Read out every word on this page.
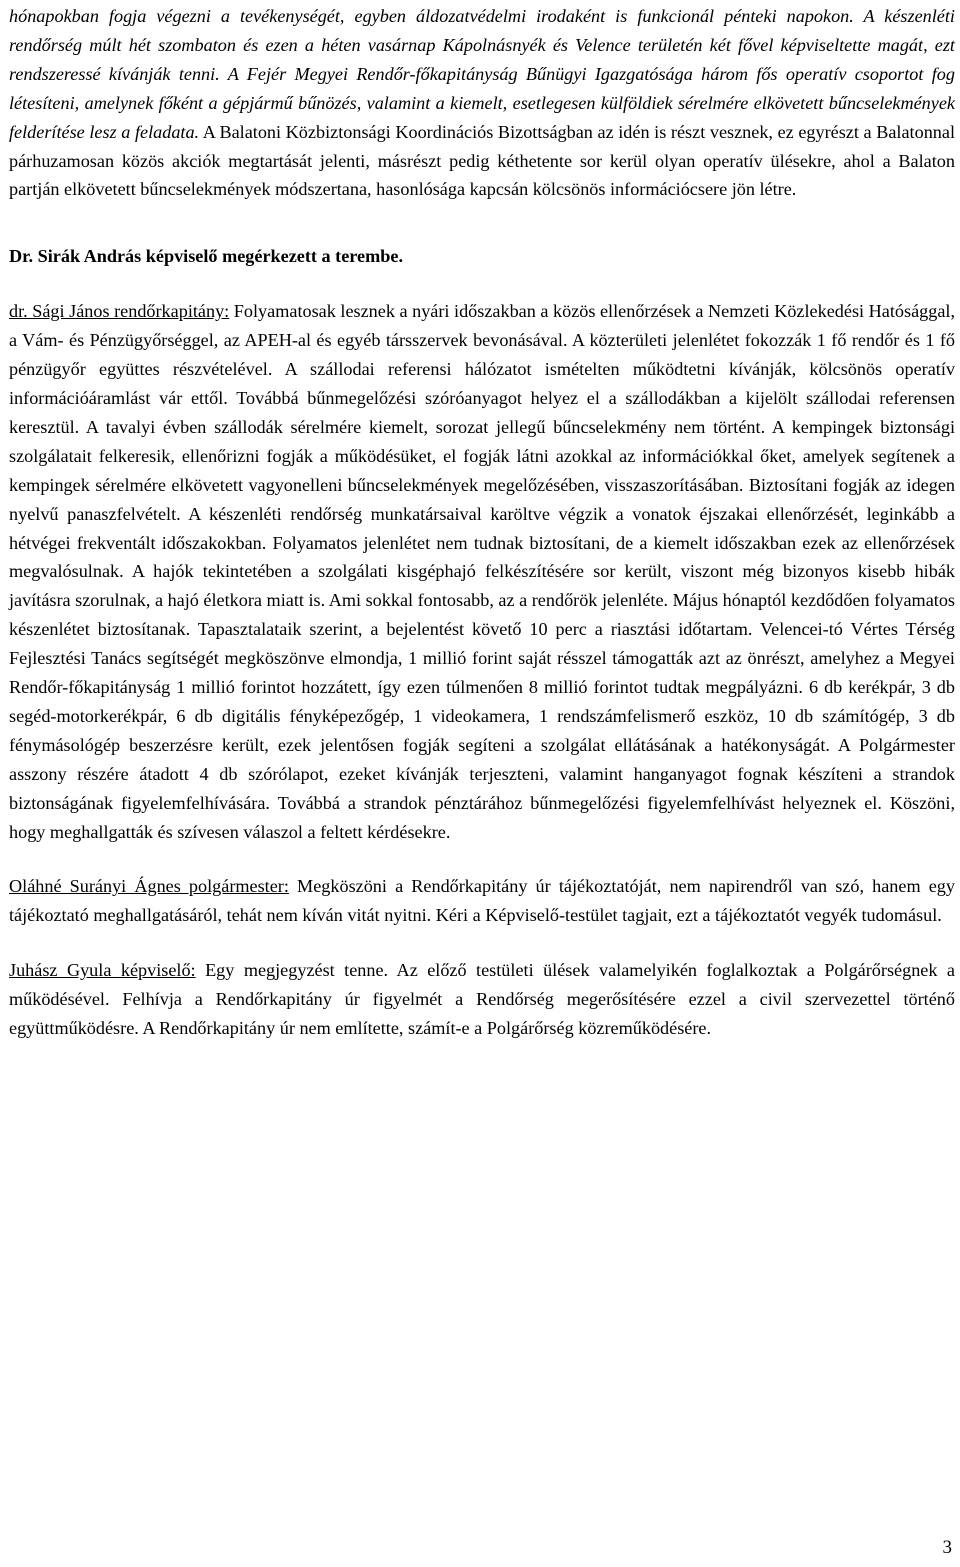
hónapokban fogja végezni a tevékenységét, egyben áldozatvédelmi irodaként is funkcionál pénteki napokon. A készenléti rendőrség múlt hét szombaton és ezen a héten vasárnap Kápolnásnyék és Velence területén két fővel képviseltette magát, ezt rendszeressé kívánják tenni. A Fejér Megyei Rendőr-főkapitányság Bűnügyi Igazgatósága három fős operatív csoportot fog létesíteni, amelynek főként a gépjármű bűnözés, valamint a kiemelt, esetlegesen külföldiek sérelmére elkövetett bűncselekmények felderítése lesz a feladata. A Balatoni Közbiztonsági Koordinációs Bizottságban az idén is részt vesznek, ez egyrészt a Balatonnal párhuzamosan közös akciók megtartását jelenti, másrészt pedig kéthetente sor kerül olyan operatív ülésekre, ahol a Balaton partján elkövetett bűncselekmények módszertana, hasonlósága kapcsán kölcsönös információcsere jön létre.

Dr. Sirák András képviselő megérkezett a terembe.

dr. Sági János rendőrkapitány: Folyamatosak lesznek a nyári időszakban a közös ellenőrzések a Nemzeti Közlekedési Hatósággal, a Vám- és Pénzügyőrséggel, az APEH-al és egyéb társszervek bevonásával. A közterületi jelenlétet fokozzák 1 fő rendőr és 1 fő pénzügyőr együttes részvételével. A szállodai referensi hálózatot ismételten működtetni kívánják, kölcsönös operatív információáramlást vár ettől. Továbbá bűnmegelőzési szóróanyagot helyez el a szállodákban a kijelölt szállodai referensen keresztül. A tavalyi évben szállodák sérelmére kiemelt, sorozat jellegű bűncselekmény nem történt. A kempingek biztonsági szolgálatait felkeresik, ellenőrizni fogják a működésüket, el fogják látni azokkal az információkkal őket, amelyek segítenek a kempingek sérelmére elkövetett vagyonelleni bűncselekmények megelőzésében, visszaszorításában. Biztosítani fogják az idegen nyelvű panaszfelvételt. A készenléti rendőrség munkatársaival karöltve végzik a vonatok éjszakai ellenőrzését, leginkább a hétvégei frekventált időszakokban. Folyamatos jelenlétet nem tudnak biztosítani, de a kiemelt időszakban ezek az ellenőrzések megvalósulnak. A hajók tekintetében a szolgálati kisgéphajó felkészítésére sor került, viszont még bizonyos kisebb hibák javításra szorulnak, a hajó életkora miatt is. Ami sokkal fontosabb, az a rendőrök jelenléte. Május hónaptól kezdődően folyamatos készenlétet biztosítanak. Tapasztalataik szerint, a bejelentést követő 10 perc a riasztási időtartam. Velencei-tó Vértes Térség Fejlesztési Tanács segítségét megköszönve elmondja, 1 millió forint saját résszel támogatták azt az önrészt, amelyhez a Megyei Rendőr-főkapitányság 1 millió forintot hozzátett, így ezen túlmenően 8 millió forintot tudtak megpályázni. 6 db kerékpár, 3 db segéd-motorkerékpár, 6 db digitális fényképezőgép, 1 videokamera, 1 rendszámfelismerő eszköz, 10 db számítógép, 3 db fénymásológép beszerzésre került, ezek jelentősen fogják segíteni a szolgálat ellátásának a hatékonyságát. A Polgármester asszony részére átadott 4 db szórólapot, ezeket kívánják terjeszteni, valamint hanganyagot fognak készíteni a strandok biztonságának figyelemfelhívására. Továbbá a strandok pénztárához bűnmegelőzési figyelemfelhívást helyeznek el. Köszöni, hogy meghallgatták és szívesen válaszol a feltett kérdésekre.

Oláhné Surányi Ágnes polgármester: Megköszöni a Rendőrkapitány úr tájékoztatóját, nem napirendről van szó, hanem egy tájékoztató meghallgatásáról, tehát nem kíván vitát nyitni. Kéri a Képviselő-testület tagjait, ezt a tájékoztatót vegyék tudomásul.

Juhász Gyula képviselő: Egy megjegyzést tenne. Az előző testületi ülések valamelyikén foglalkoztak a Polgárőrségnek a működésével. Felhívja a Rendőrkapitány úr figyelmét a Rendőrség megerősítésére ezzel a civil szervezettel történő együttműködésre. A Rendőrkapitány úr nem említette, számít-e a Polgárőrség közreműködésére.

3
